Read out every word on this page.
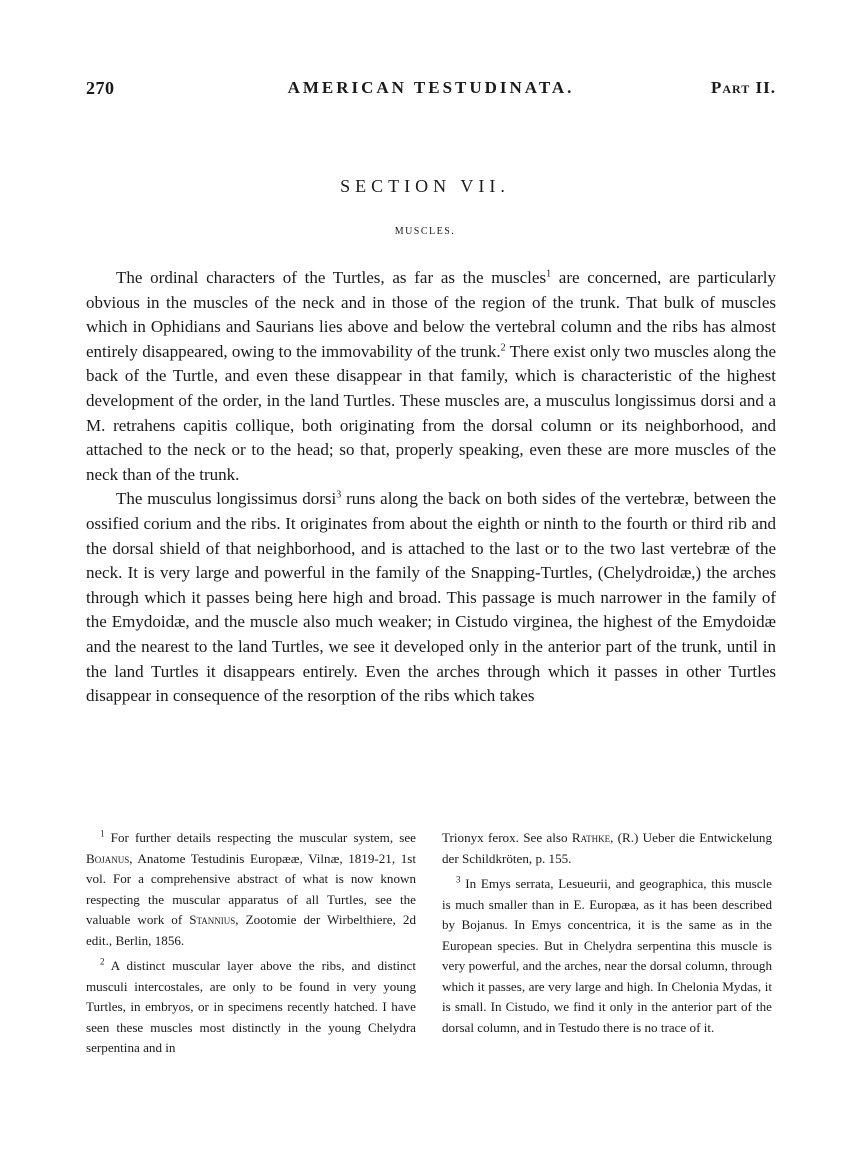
270	AMERICAN TESTUDINATA.	Part II.
SECTION VII.
MUSCLES.

The ordinal characters of the Turtles, as far as the muscles$^1$ are concerned, are particularly obvious in the muscles of the neck and in those of the region of the trunk. That bulk of muscles which in Ophidians and Saurians lies above and below the vertebral column and the ribs has almost entirely disappeared, owing to the immovability of the trunk.$^2$ There exist only two muscles along the back of the Turtle, and even these disappear in that family, which is characteristic of the highest development of the order, in the land Turtles. These muscles are, a musculus longissimus dorsi and a M. retrahens capitis collique, both originating from the dorsal column or its neighborhood, and attached to the neck or to the head; so that, properly speaking, even these are more muscles of the neck than of the trunk.

The musculus longissimus dorsi$^3$ runs along the back on both sides of the vertebræ, between the ossified corium and the ribs. It originates from about the eighth or ninth to the fourth or third rib and the dorsal shield of that neighborhood, and is attached to the last or to the two last vertebræ of the neck. It is very large and powerful in the family of the Snapping-Turtles, (Chelydroidæ,) the arches through which it passes being here high and broad. This passage is much narrower in the family of the Emydoidæ, and the muscle also much weaker; in Cistudo virginea, the highest of the Emydoidæ and the nearest to the land Turtles, we see it developed only in the anterior part of the trunk, until in the land Turtles it disappears entirely. Even the arches through which it passes in other Turtles disappear in consequence of the resorption of the ribs which takes

$^1$ For further details respecting the muscular system, see Bojanus, Anatome Testudinis Europææ, Vilnæ, 1819-21, 1st vol. For a comprehensive abstract of what is now known respecting the muscular apparatus of all Turtles, see the valuable work of Stannius, Zootomie der Wirbelthiere, 2d edit., Berlin, 1856.

$^2$ A distinct muscular layer above the ribs, and distinct musculi intercostales, are only to be found in very young Turtles, in embryos, or in specimens recently hatched. I have seen these muscles most distinctly in the young Chelydra serpentina and in

Trionyx ferox. See also Rathke, (R.) Ueber die Entwickelung der Schildkröten, p. 155.

$^3$ In Emys serrata, Lesueurii, and geographica, this muscle is much smaller than in E. Europæa, as it has been described by Bojanus. In Emys concentrica, it is the same as in the European species. But in Chelydra serpentina this muscle is very powerful, and the arches, near the dorsal column, through which it passes, are very large and high. In Chelonia Mydas, it is small. In Cistudo, we find it only in the anterior part of the dorsal column, and in Testudo there is no trace of it.
